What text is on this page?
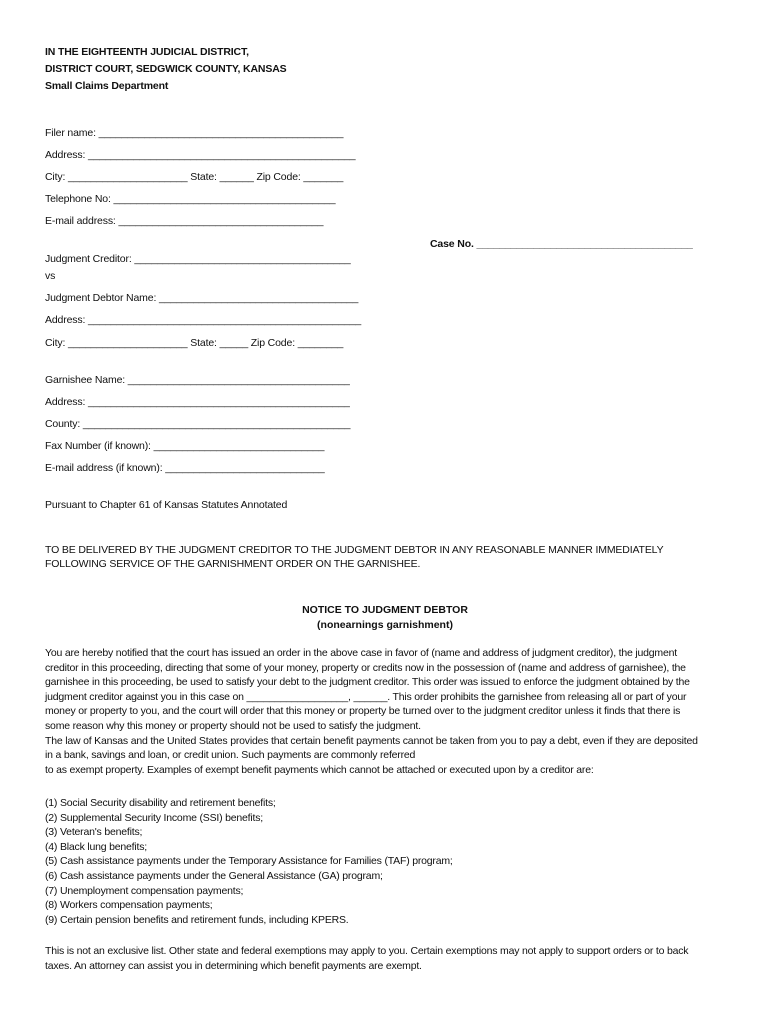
IN THE EIGHTEENTH JUDICIAL DISTRICT,
DISTRICT COURT, SEDGWICK COUNTY, KANSAS
Small Claims Department
Filer name: ___________________________________________
Address: _______________________________________________
City: _____________________ State: ______ Zip Code: _______
Telephone No: _______________________________________
E-mail address: ____________________________________
Case No. ______________________________________
Judgment Creditor: ______________________________________
vs
Judgment Debtor Name: ___________________________________
Address: ________________________________________________
City: _____________________ State: _____ Zip Code: ________
Garnishee Name: _______________________________________
Address: ______________________________________________
County: _______________________________________________
Fax Number (if known): ______________________________
E-mail address (if known): ____________________________
Pursuant to Chapter 61 of Kansas Statutes Annotated
TO BE DELIVERED BY THE JUDGMENT CREDITOR TO THE JUDGMENT DEBTOR IN ANY REASONABLE MANNER IMMEDIATELY
FOLLOWING SERVICE OF THE GARNISHMENT ORDER ON THE GARNISHEE.
NOTICE TO JUDGMENT DEBTOR
(nonearnings garnishment)
You are hereby notified that the court has issued an order in the above case in favor of (name and address of judgment creditor), the judgment
creditor in this proceeding, directing that some of your money, property or credits now in the possession of (name and address of garnishee), the
garnishee in this proceeding, be used to satisfy your debt to the judgment creditor. This order was issued to enforce the judgment obtained by the
judgment creditor against you in this case on __________________, ______. This order prohibits the garnishee from releasing all or part of your
money or property to you, and the court will order that this money or property be turned over to the judgment creditor unless it finds that there is
some reason why this money or property should not be used to satisfy the judgment.
The law of Kansas and the United States provides that certain benefit payments cannot be taken from you to pay a debt, even if they are deposited
in a bank, savings and loan, or credit union. Such payments are commonly referred
to as exempt property. Examples of exempt benefit payments which cannot be attached or executed upon by a creditor are:
(1) Social Security disability and retirement benefits;
(2) Supplemental Security Income (SSI) benefits;
(3) Veteran's benefits;
(4) Black lung benefits;
(5) Cash assistance payments under the Temporary Assistance for Families (TAF) program;
(6) Cash assistance payments under the General Assistance (GA) program;
(7) Unemployment compensation payments;
(8) Workers compensation payments;
(9) Certain pension benefits and retirement funds, including KPERS.
This is not an exclusive list. Other state and federal exemptions may apply to you. Certain exemptions may not apply to support orders or to back
taxes. An attorney can assist you in determining which benefit payments are exempt.
